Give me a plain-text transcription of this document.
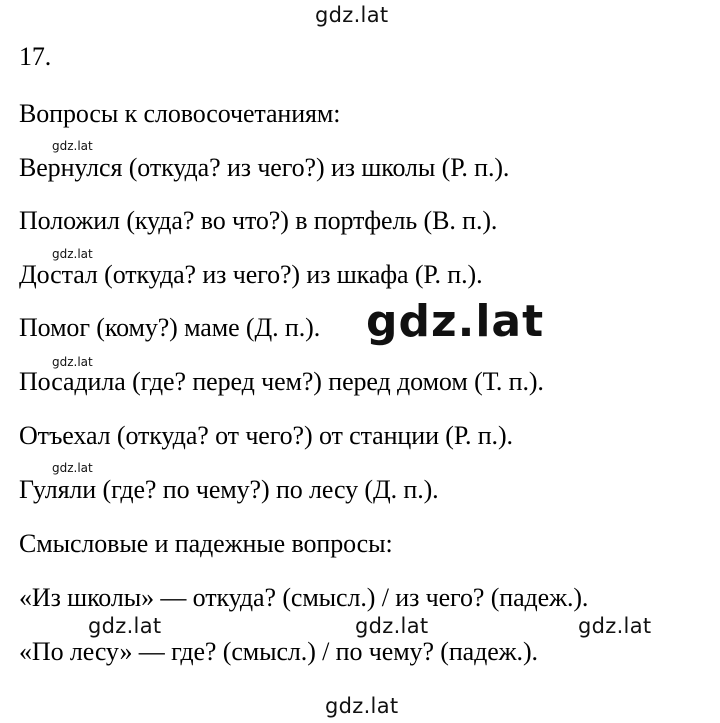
17.
Вопросы к словосочетаниям:
Вернулся (откуда? из чего?) из школы (Р. п.).
Положил (куда? во что?) в портфель (В. п.).
Достал (откуда? из чего?) из шкафа (Р. п.).
Помог (кому?) маме (Д. п.).
Посадила (где? перед чем?) перед домом (Т. п.).
Отъехал (откуда? от чего?) от станции (Р. п.).
Гуляли (где? по чему?) по лесу (Д. п.).
Смысловые и падежные вопросы:
«Из школы» — откуда? (смысл.) / из чего? (падеж.).
«По лесу» — где? (смысл.) / по чему? (падеж.).
gdz.lat
gdz.lat
gdz.lat
gdz.lat
gdz.lat
gdz.lat
gdz.lat	gdz.lat	gdz.lat
gdz.lat
